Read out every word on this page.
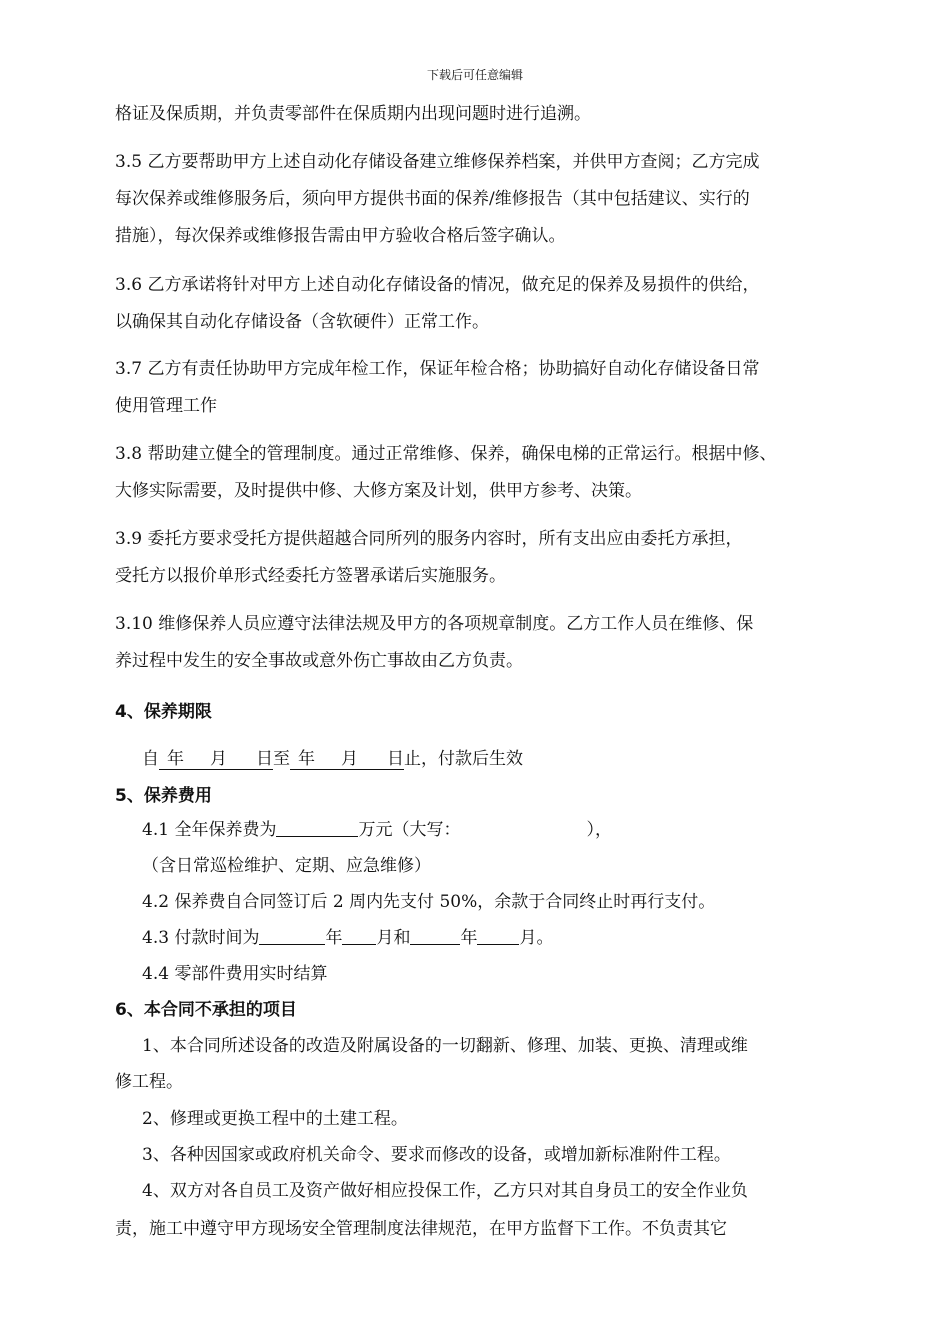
下载后可任意编辑
格证及保质期，并负责零部件在保质期内出现问题时进行追溯。
3.5 乙方要帮助甲方上述自动化存储设备建立维修保养档案，并供甲方查阅；乙方完成
每次保养或维修服务后，须向甲方提供书面的保养/维修报告（其中包括建议、实行的
措施），每次保养或维修报告需由甲方验收合格后签字确认。
3.6 乙方承诺将针对甲方上述自动化存储设备的情况，做充足的保养及易损件的供给，
以确保其自动化存储设备（含软硬件）正常工作。
3.7 乙方有责任协助甲方完成年检工作，保证年检合格；协助搞好自动化存储设备日常
使用管理工作
3.8 帮助建立健全的管理制度。通过正常维修、保养，确保电梯的正常运行。根据中修、
大修实际需要，及时提供中修、大修方案及计划，供甲方参考、决策。
3.9 委托方要求受托方提供超越合同所列的服务内容时，所有支出应由委托方承担，
受托方以报价单形式经委托方签署承诺后实施服务。
3.10 维修保养人员应遵守法律法规及甲方的各项规章制度。乙方工作人员在维修、保
养过程中发生的安全事故或意外伤亡事故由乙方负责。
4、保养期限
自 年 月 日至 年 月 日止，付款后生效
5、保养费用
4.1 全年保养费为	万元（大写：	），
（含日常巡检维护、定期、应急维修）
4.2 保养费自合同签订后 2 周内先支付 50%，余款于合同终止时再行支付。
4.3 付款时间为	年 月和	年 月。
4.4 零部件费用实时结算
6、本合同不承担的项目
1、本合同所述设备的改造及附属设备的一切翻新、修理、加装、更换、清理或维
修工程。
2、修理或更换工程中的土建工程。
3、各种因国家或政府机关命令、要求而修改的设备，或增加新标准附件工程。
4、双方对各自员工及资产做好相应投保工作，乙方只对其自身员工的安全作业负
责，施工中遵守甲方现场安全管理制度法律规范，在甲方监督下工作。不负责其它
